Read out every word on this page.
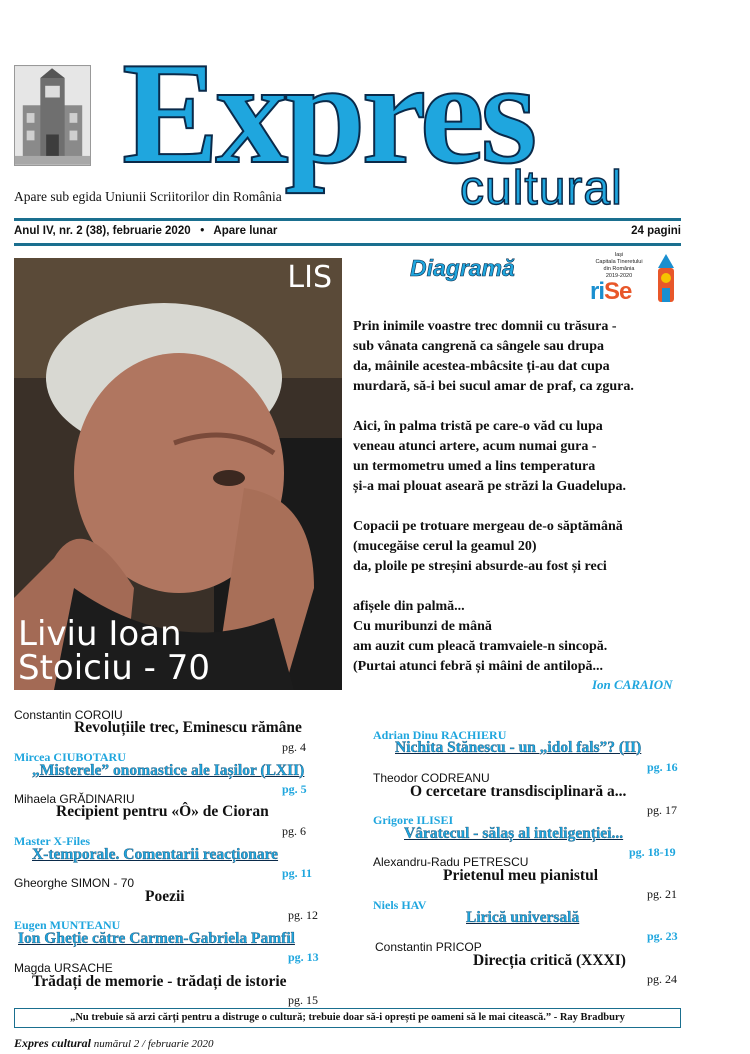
Expres
cultural
Apare sub egida Uniunii Scriitorilor din România
Anul IV, nr. 2 (38), februarie 2020   •   Apare lunar	24 pagini
LIS
Liviu Ioan
Stoiciu - 70
Diagramă	Iași
Capitala Tineretului
din România
2019-2020
riSe
Prin inimile voastre trec domnii cu trăsura -
sub vânata cangrenă ca sângele sau drupa
da, mâinile acestea-mbâcsite ți-au dat cupa
murdară, să-i bei sucul amar de praf, ca zgura.
Aici, în palma tristă pe care-o văd cu lupa
veneau atunci artere, acum numai gura -
un termometru umed a lins temperatura
și-a mai plouat aseară pe străzi la Guadelupa.
Copacii pe trotuare mergeau de-o săptămână
(mucegăise cerul la geamul 20)
da, ploile pe streșini absurde-au fost și reci
afișele din palmă...
Cu muribunzi de mână
am auzit cum pleacă tramvaiele-n sincopă.
(Purtai atunci febră și mâini de antilopă...
Ion CARAION
Constantin COROIU
Revoluțiile trec, Eminescu rămâne
pg. 4
Mircea CIUBOTARU
„Misterele” onomastice ale Iașilor (LXII)
pg. 5
Mihaela GRĂDINARIU
Recipient pentru «Ô» de Cioran
pg. 6
Master X-Files
X-temporale. Comentarii reacționare
pg. 11
Gheorghe SIMON - 70
Poezii
pg. 12
Eugen MUNTEANU
Ion Gheție către Carmen-Gabriela Pamfil
pg. 13
Magda URSACHE
Trădați de memorie - trădați de istorie
pg. 15
Adrian Dinu RACHIERU
Nichita Stănescu - un „idol fals”? (II)
pg. 16
Theodor CODREANU
O cercetare transdisciplinară a...
pg. 17
Grigore ILISEI
Vâratecul - sălaș al inteligenției...
pg. 18-19
Alexandru-Radu PETRESCU
Prietenul meu pianistul
pg. 21
Niels HAV
Lirică universală
pg. 23
Constantin PRICOP
Direcția critică (XXXI)
pg. 24
„Nu trebuie să arzi cărți pentru a distruge o cultură; trebuie doar să-i oprești pe oameni să le mai citească.” - Ray Bradbury
Expres cultural numărul 2 / februarie 2020
